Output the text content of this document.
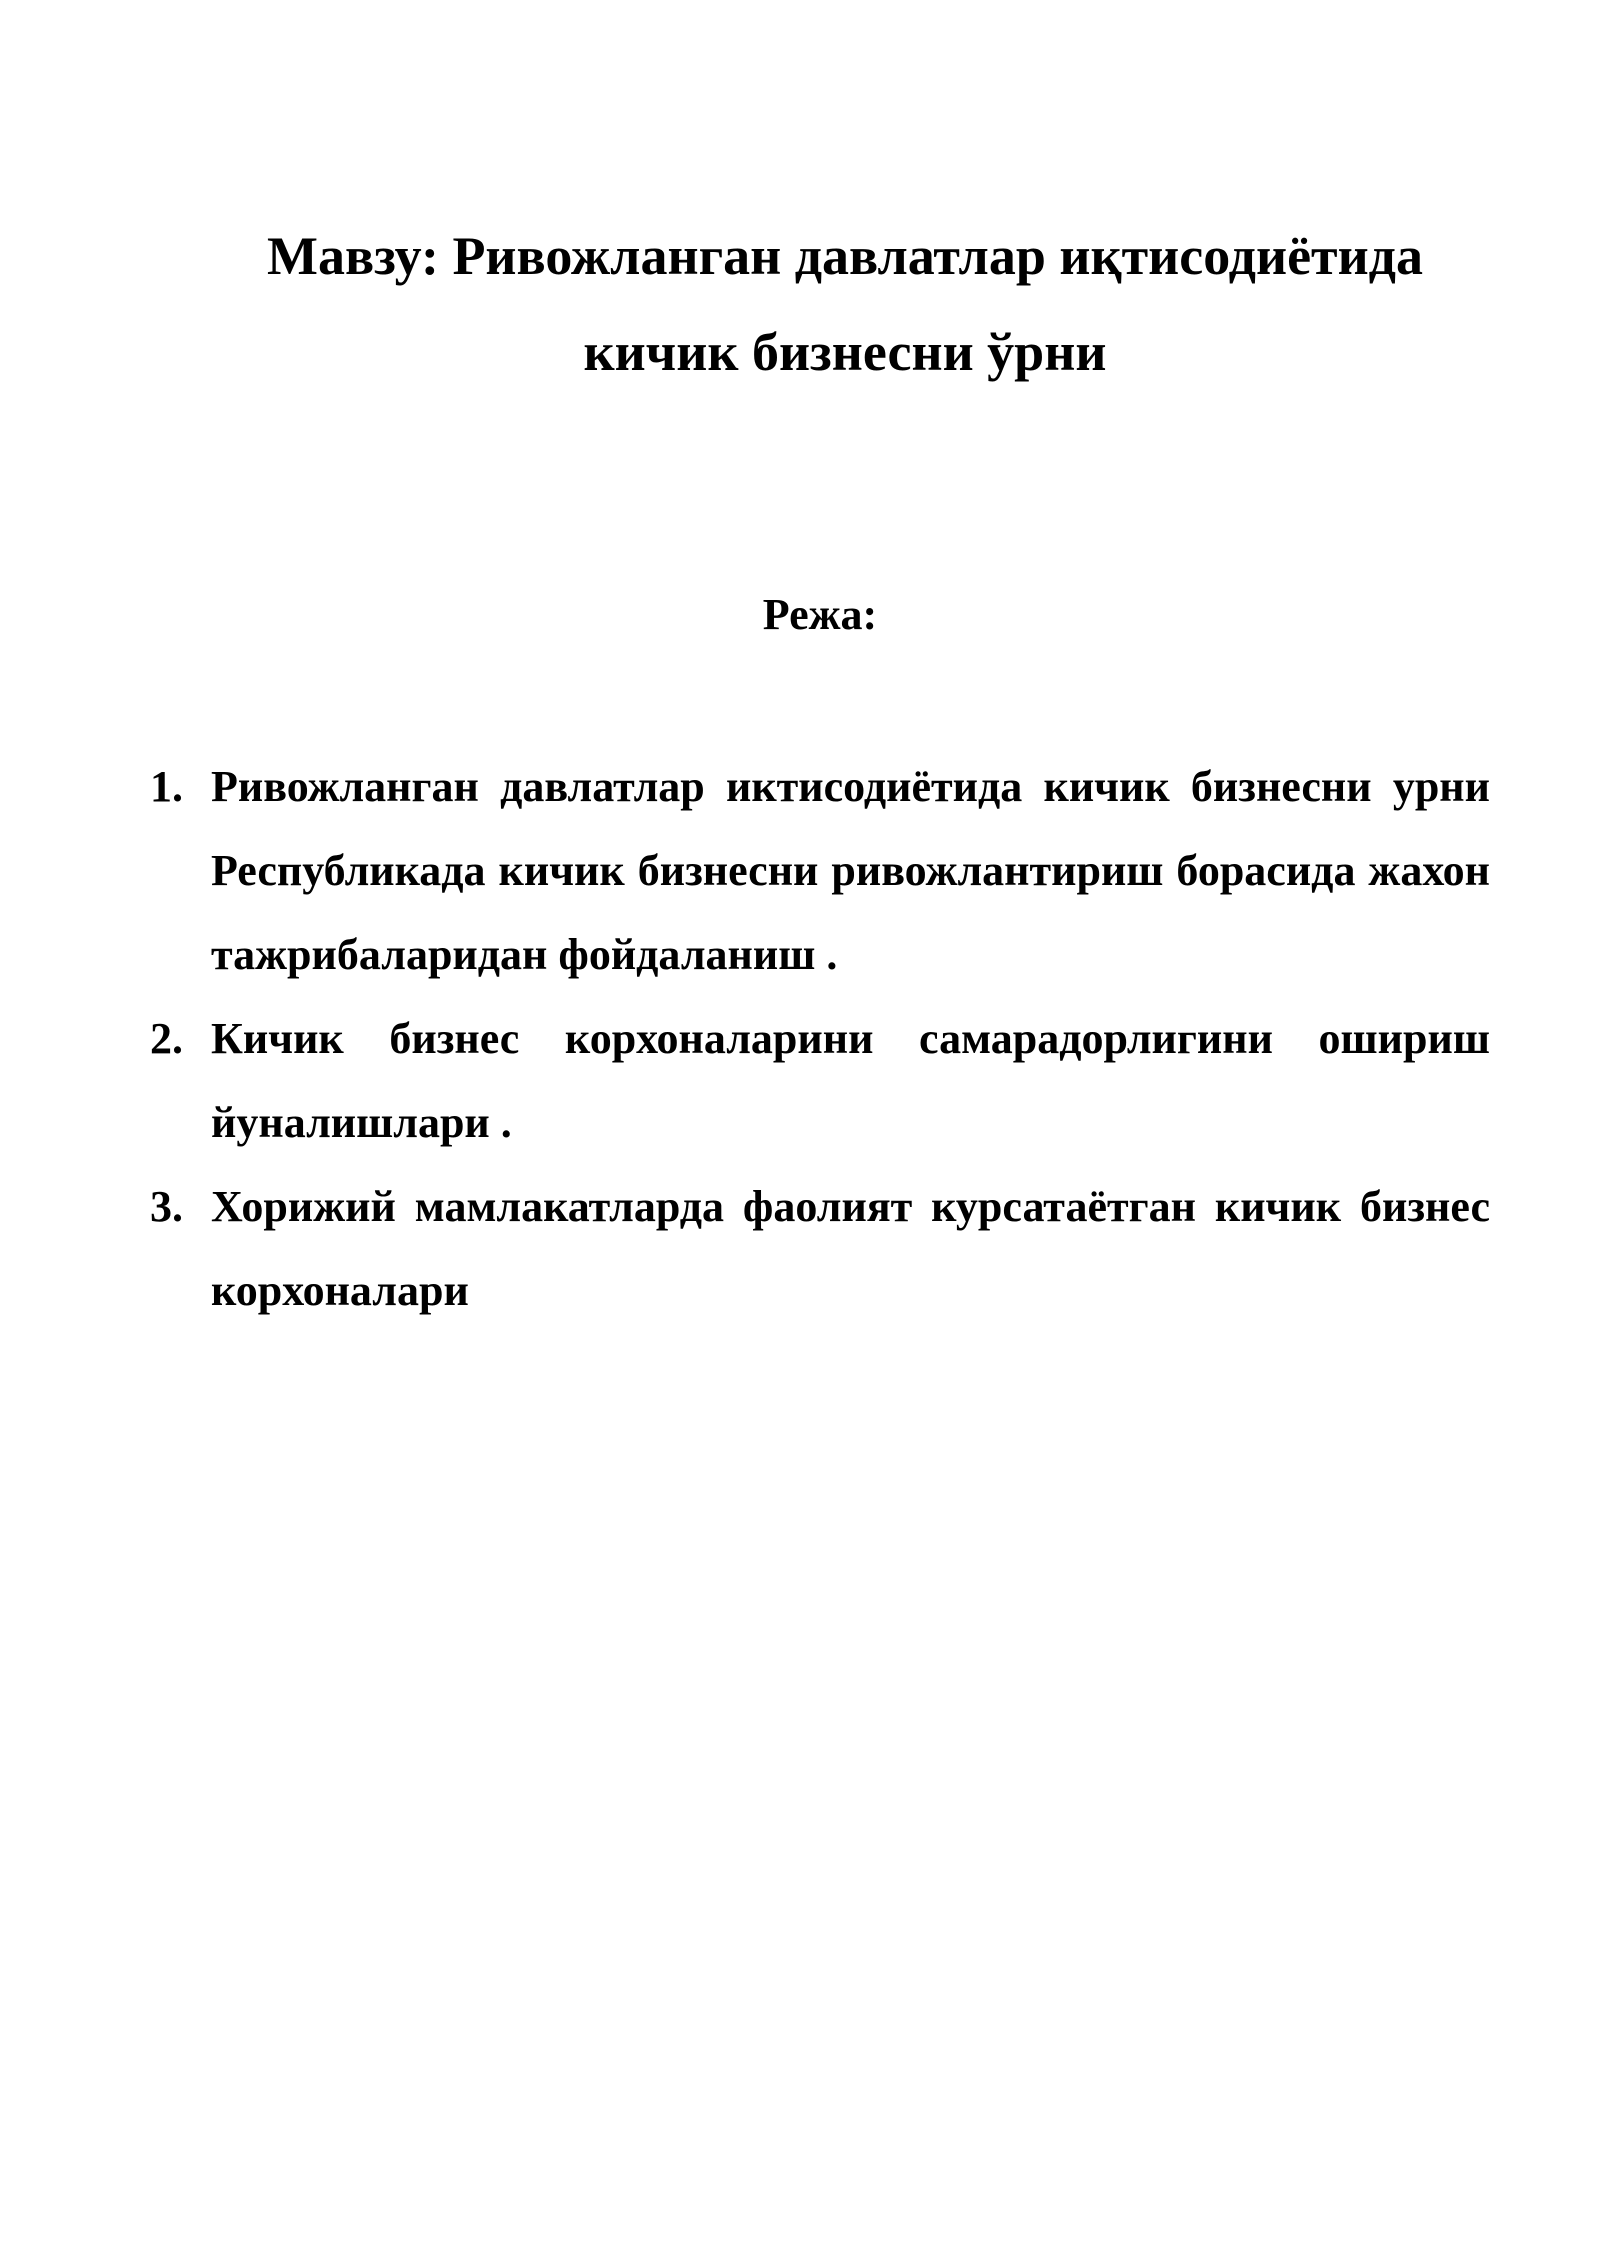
Мавзу: Ривожланган давлатлар иқтисодиётида
кичик бизнесни ўрни
Режа:
1. Ривожланган давлатлар иктисодиётида кичик бизнесни урни Республикада кичик бизнесни ривожлантириш борасида жахон тажрибаларидан фойдаланиш .
2. Кичик бизнес корхоналарини самарадорлигини ошириш йуналишлари .
3. Хорижий мамлакатларда фаолият курсатаётган кичик бизнес корхоналари
